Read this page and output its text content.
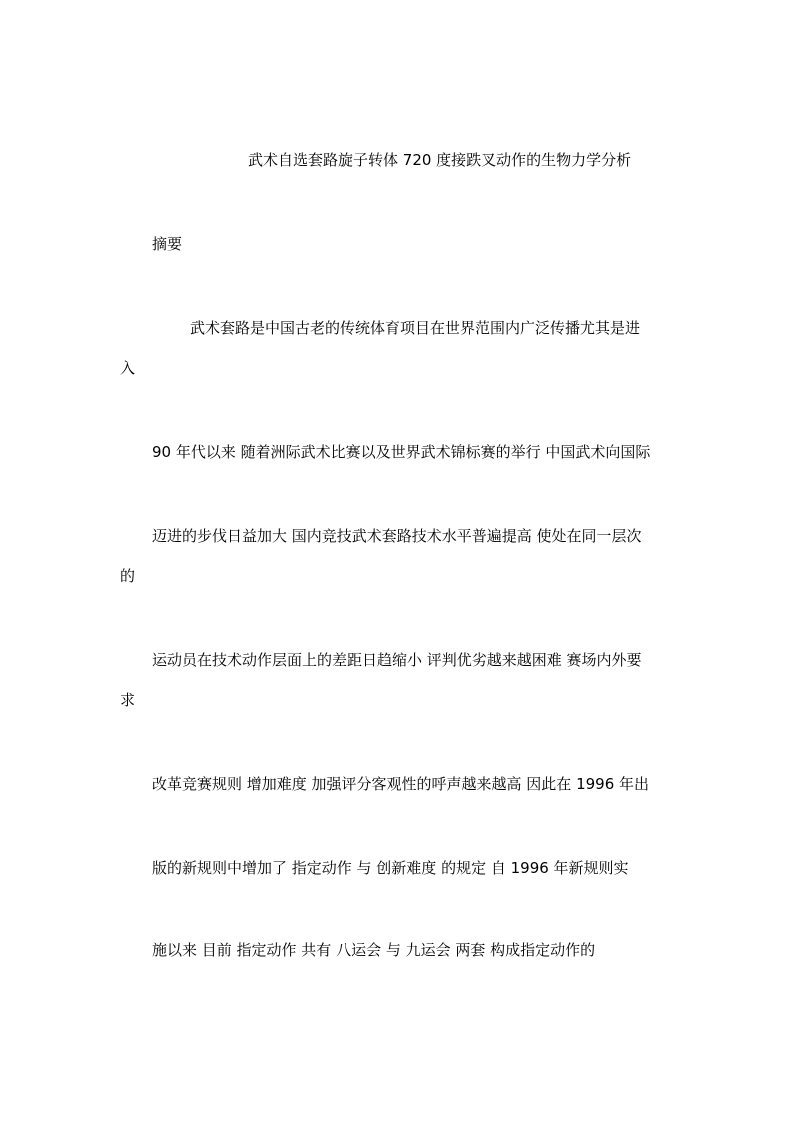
武术自选套路旋子转体 720 度接跌叉动作的生物力学分析

摘要

武术套路是中国古老的传统体育项目在世界范围内广泛传播尤其是进

入

90 年代以来 随着洲际武术比赛以及世界武术锦标赛的举行 中国武术向国际

迈进的步伐日益加大 国内竞技武术套路技术水平普遍提高 使处在同一层次

的

运动员在技术动作层面上的差距日趋缩小 评判优劣越来越困难 赛场内外要

求

改革竞赛规则 增加难度 加强评分客观性的呼声越来越高 因此在 1996 年出

版的新规则中增加了 指定动作 与 创新难度 的规定 自 1996 年新规则实

施以来 目前 指定动作 共有 八运会 与 九运会 两套 构成指定动作的
